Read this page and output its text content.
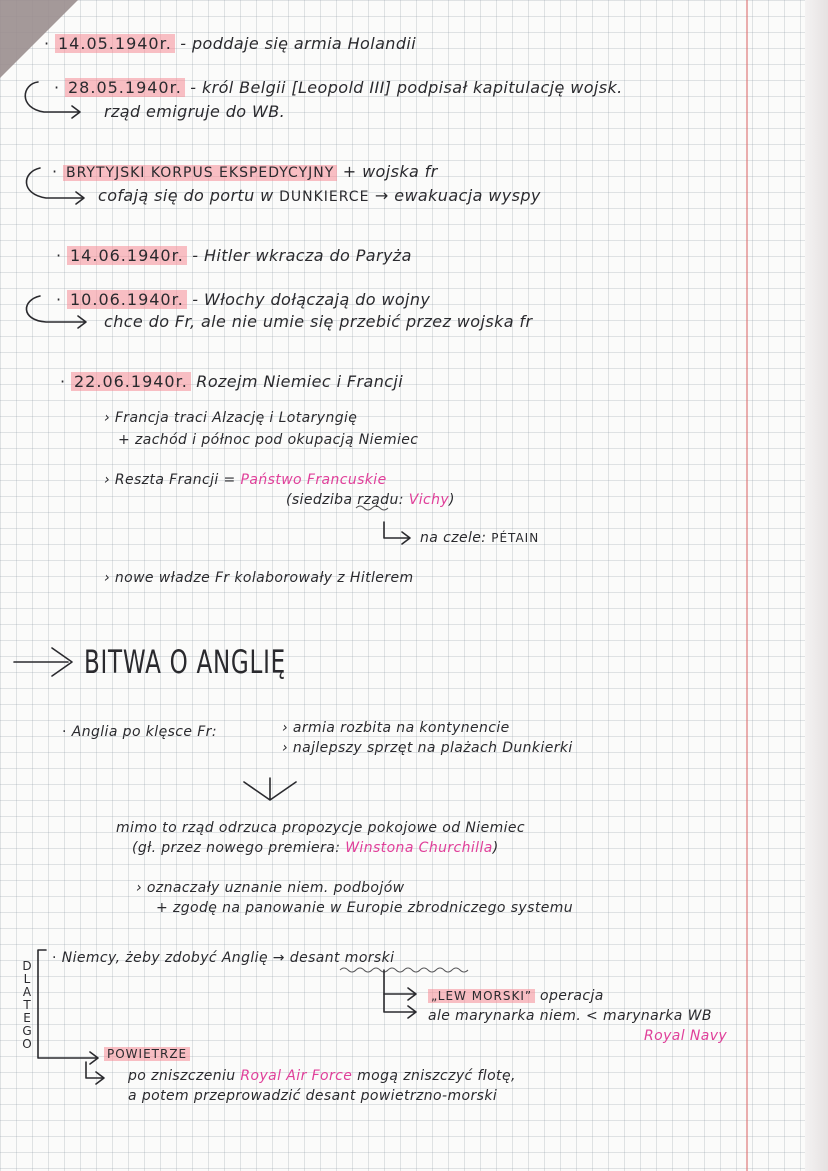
· 14.05.1940r. - poddaje się armia Holandii
· 28.05.1940r. - król Belgii [Leopold III] podpisał kapitulację wojsk.
rząd emigruje do WB.
· BRYTYJSKI KORPUS EKSPEDYCYJNY + wojska fr
cofają się do portu w DUNKIERCE → ewakuacja wyspy
· 14.06.1940r. - Hitler wkracza do Paryża
· 10.06.1940r. - Włochy dołączają do wojny
chce do Fr, ale nie umie się przebić przez wojska fr
· 22.06.1940r. Rozejm Niemiec i Francji
› Francja traci Alzację i Lotaryngię
+ zachód i północ pod okupacją Niemiec
› Reszta Francji = Państwo Francuskie
(siedziba rządu: Vichy)
na czele: PÉTAIN
› nowe władze Fr kolaborowały z Hitlerem
BITWA O ANGLIĘ
· Anglia po klęsce Fr:	› armia rozbita na kontynencie
› najlepszy sprzęt na plażach Dunkierki
mimo to rząd odrzuca propozycje pokojowe od Niemiec
(gł. przez nowego premiera: Winstona Churchilla)
› oznaczały uznanie niem. podbojów
+ zgodę na panowanie w Europie zbrodniczego systemu
· Niemcy, żeby zdobyć Anglię → desant morski
„LEW MORSKI” operacja
ale marynarka niem. < marynarka WB
Royal Navy
POWIETRZE
po zniszczeniu Royal Air Force mogą zniszczyć flotę,
a potem przeprowadzić desant powietrzno-morski
DLATEGO
